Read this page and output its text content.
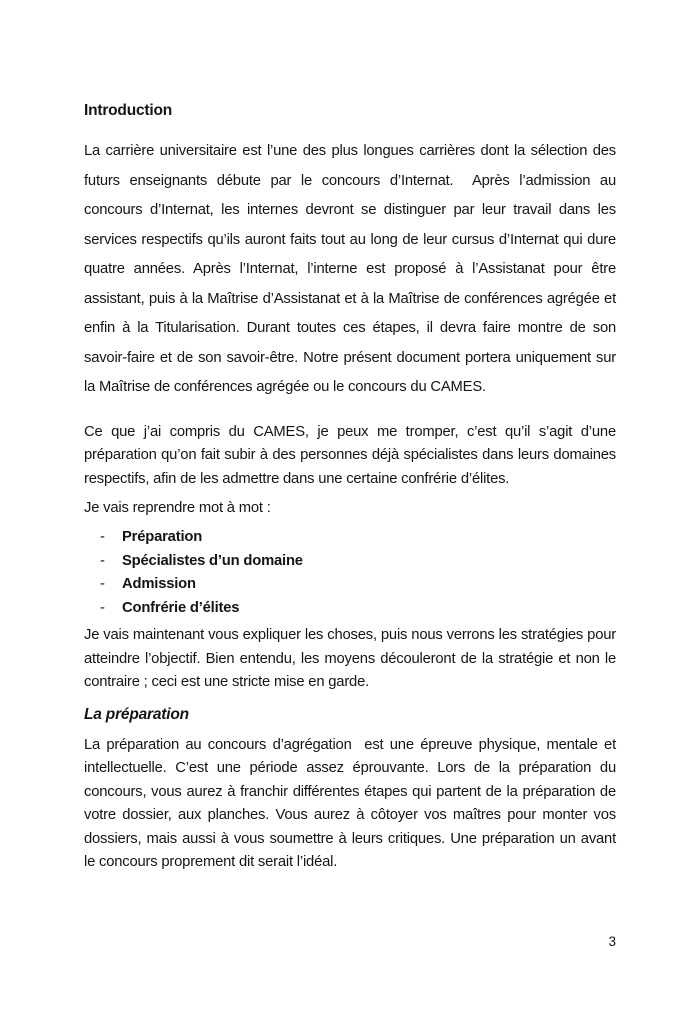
Introduction

La carrière universitaire est l’une des plus longues carrières dont la sélection des futurs enseignants débute par le concours d’Internat.  Après l’admission au concours d’Internat, les internes devront se distinguer par leur travail dans les services respectifs qu’ils auront faits tout au long de leur cursus d’Internat qui dure quatre années. Après l’Internat, l’interne est proposé à l’Assistanat pour être assistant, puis à la Maîtrise d’Assistanat et à la Maîtrise de conférences agrégée et enfin à la Titularisation. Durant toutes ces étapes, il devra faire montre de son savoir-faire et de son savoir-être. Notre présent document portera uniquement sur la Maîtrise de conférences agrégée ou le concours du CAMES.

Ce que j’ai compris du CAMES, je peux me tromper, c’est qu’il s’agit d’une préparation qu’on fait subir à des personnes déjà spécialistes dans leurs domaines respectifs, afin de les admettre dans une certaine confrérie d’élites.

Je vais reprendre mot à mot :

-	Préparation
-	Spécialistes d’un domaine
-	Admission
-	Confrérie d’élites

Je vais maintenant vous expliquer les choses, puis nous verrons les stratégies pour atteindre l’objectif. Bien entendu, les moyens découleront de la stratégie et non le contraire ; ceci est une stricte mise en garde.

La préparation

La préparation au concours d’agrégation  est une épreuve physique, mentale et intellectuelle. C’est une période assez éprouvante. Lors de la préparation du concours, vous aurez à franchir différentes étapes qui partent de la préparation de votre dossier, aux planches. Vous aurez à côtoyer vos maîtres pour monter vos dossiers, mais aussi à vous soumettre à leurs critiques. Une préparation un avant le concours proprement dit serait l’idéal.

3
